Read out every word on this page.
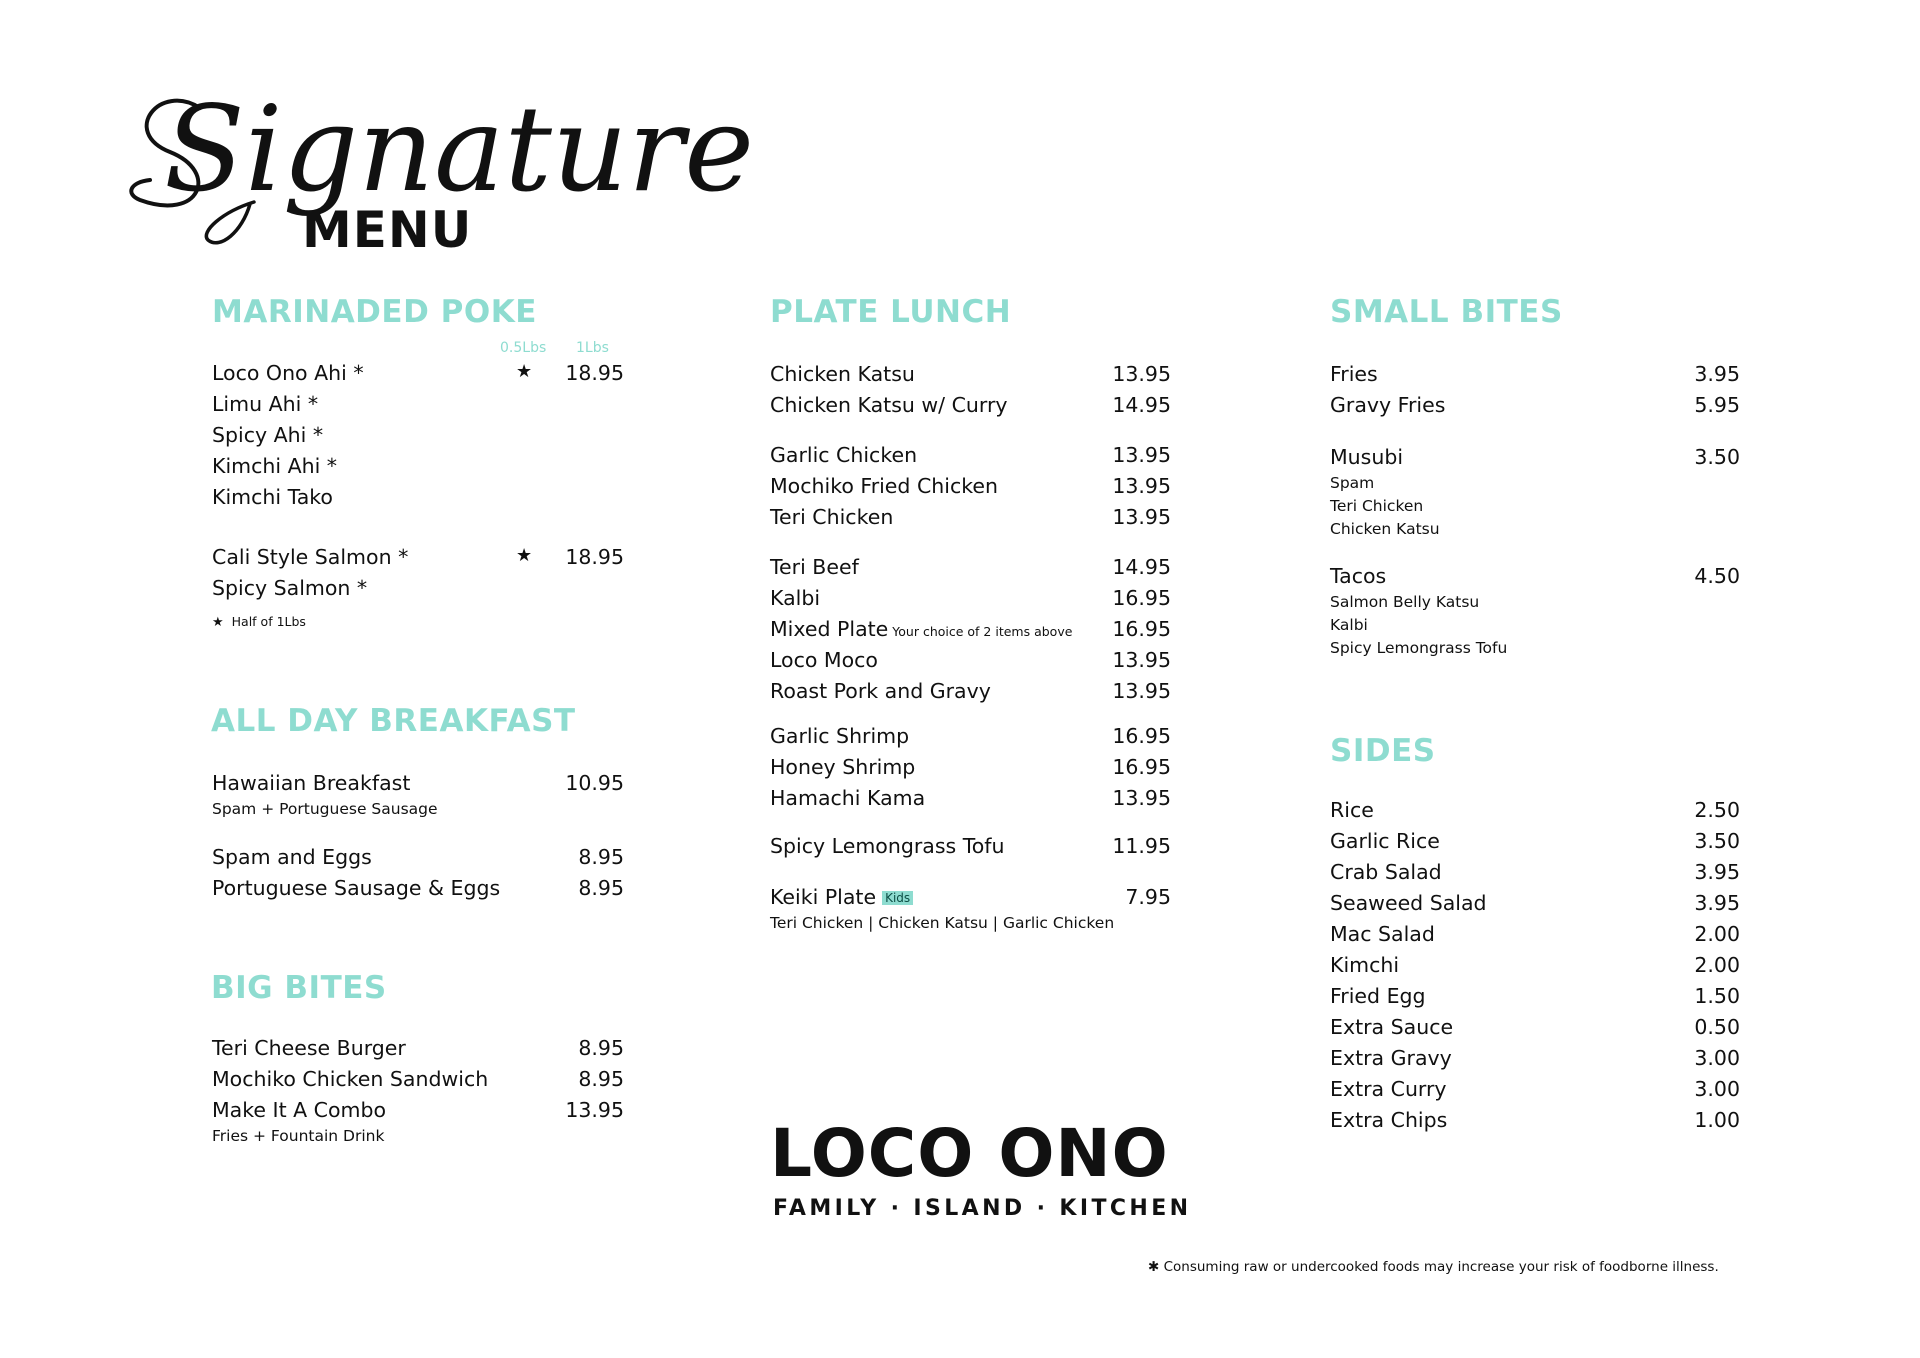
Signature
MENU
MARINADED POKE
0.5Lbs 1Lbs
Loco Ono Ahi *	★ 18.95
Limu Ahi *
Spicy Ahi *
Kimchi Ahi *
Kimchi Tako
Cali Style Salmon *	★ 18.95
Spicy Salmon *
★ Half of 1Lbs
ALL DAY BREAKFAST
Hawaiian Breakfast	10.95
Spam + Portuguese Sausage
Spam and Eggs	8.95
Portuguese Sausage & Eggs	8.95
BIG BITES
Teri Cheese Burger	8.95
Mochiko Chicken Sandwich	8.95
Make It A Combo	13.95
Fries + Fountain Drink
PLATE LUNCH
Chicken Katsu	13.95
Chicken Katsu w/ Curry	14.95
Garlic Chicken	13.95
Mochiko Fried Chicken	13.95
Teri Chicken	13.95
Teri Beef	14.95
Kalbi	16.95
Mixed Plate Your choice of 2 items above 16.95
Loco Moco	13.95
Roast Pork and Gravy	13.95
Garlic Shrimp	16.95
Honey Shrimp	16.95
Hamachi Kama	13.95
Spicy Lemongrass Tofu	11.95
Keiki Plate Kids	7.95
Teri Chicken | Chicken Katsu | Garlic Chicken
SMALL BITES
Fries	3.95
Gravy Fries	5.95
Musubi	3.50
Spam
Teri Chicken
Chicken Katsu
Tacos	4.50
Salmon Belly Katsu
Kalbi
Spicy Lemongrass Tofu
SIDES
Rice	2.50
Garlic Rice	3.50
Crab Salad	3.95
Seaweed Salad	3.95
Mac Salad	2.00
Kimchi	2.00
Fried Egg	1.50
Extra Sauce	0.50
Extra Gravy	3.00
Extra Curry	3.00
Extra Chips	1.00
LOCO ONO
FAMILY · ISLAND · KITCHEN
✱ Consuming raw or undercooked foods may increase your risk of foodborne illness.
